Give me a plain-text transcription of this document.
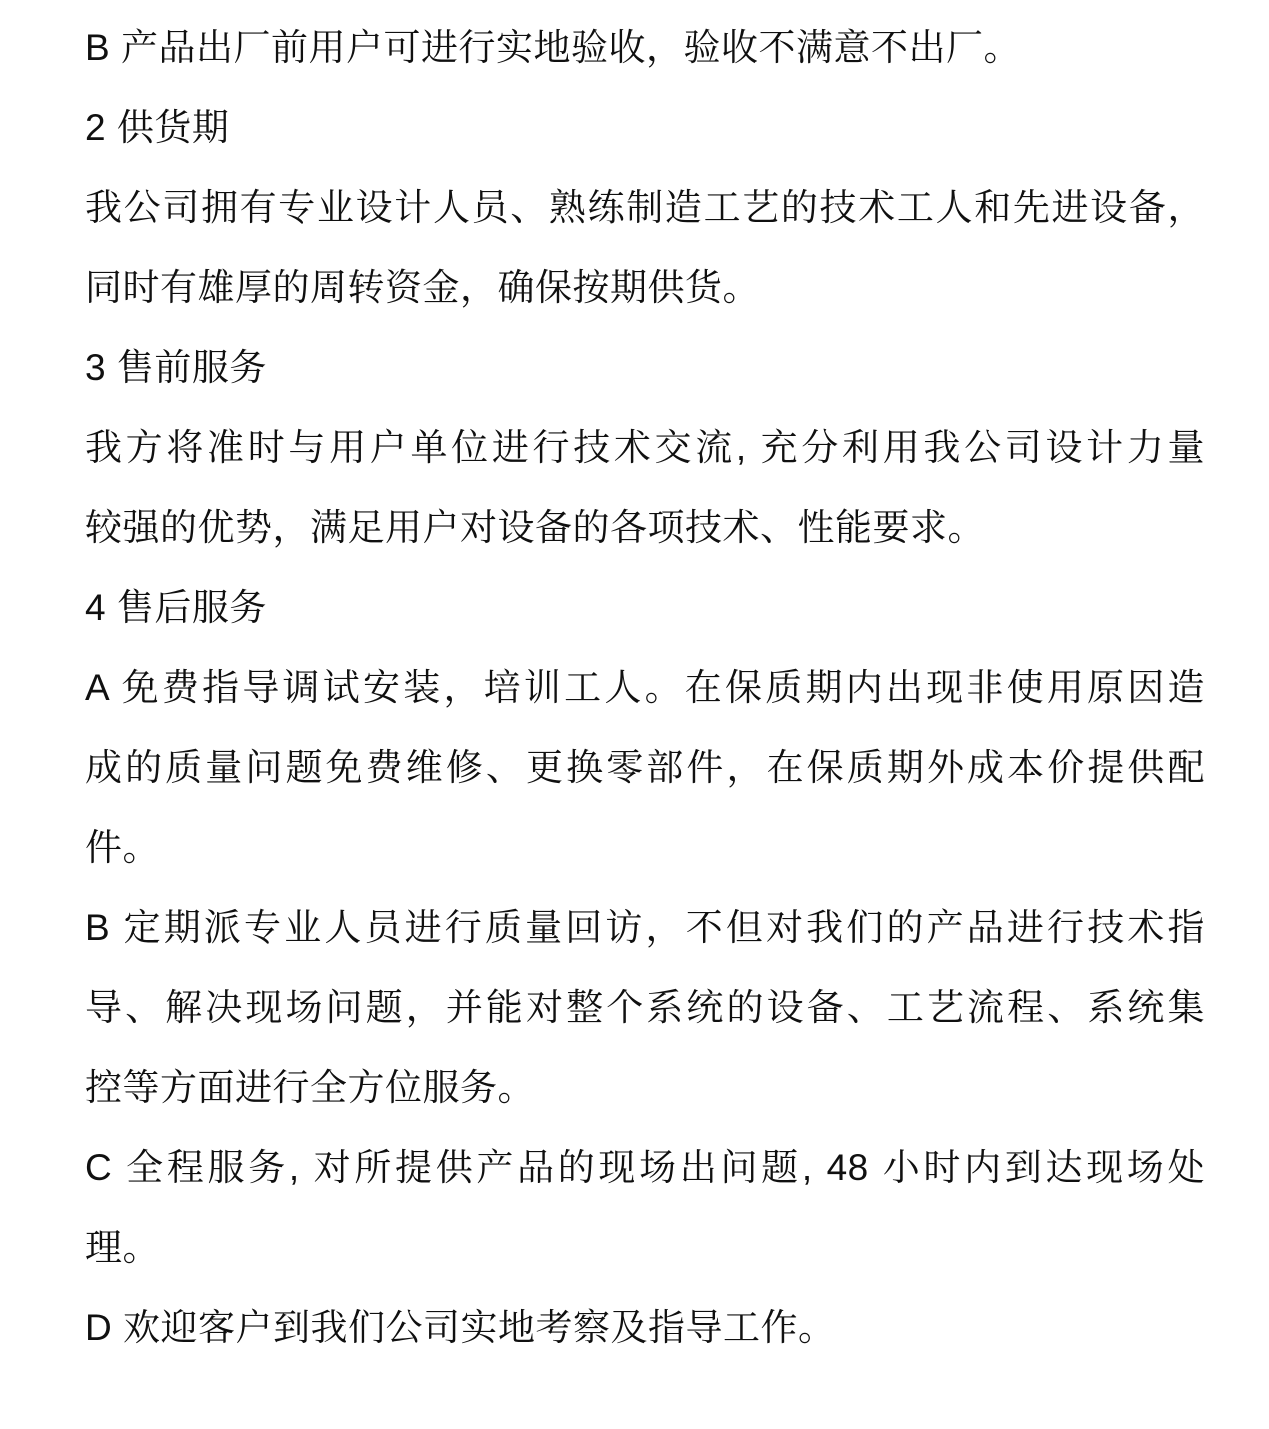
B 产品出厂前用户可进行实地验收，验收不满意不出厂。
2 供货期
我公司拥有专业设计人员、熟练制造工艺的技术工人和先进设备，
同时有雄厚的周转资金，确保按期供货。
3 售前服务
我方将准时与用户单位进行技术交流, 充分利用我公司设计力量
较强的优势，满足用户对设备的各项技术、性能要求。
4 售后服务
A 免费指导调试安装，培训工人。在保质期内出现非使用原因造
成的质量问题免费维修、更换零部件，在保质期外成本价提供配
件。
B 定期派专业人员进行质量回访，不但对我们的产品进行技术指
导、解决现场问题，并能对整个系统的设备、工艺流程、系统集
控等方面进行全方位服务。
C 全程服务, 对所提供产品的现场出问题, 48 小时内到达现场处
理。
D 欢迎客户到我们公司实地考察及指导工作。
